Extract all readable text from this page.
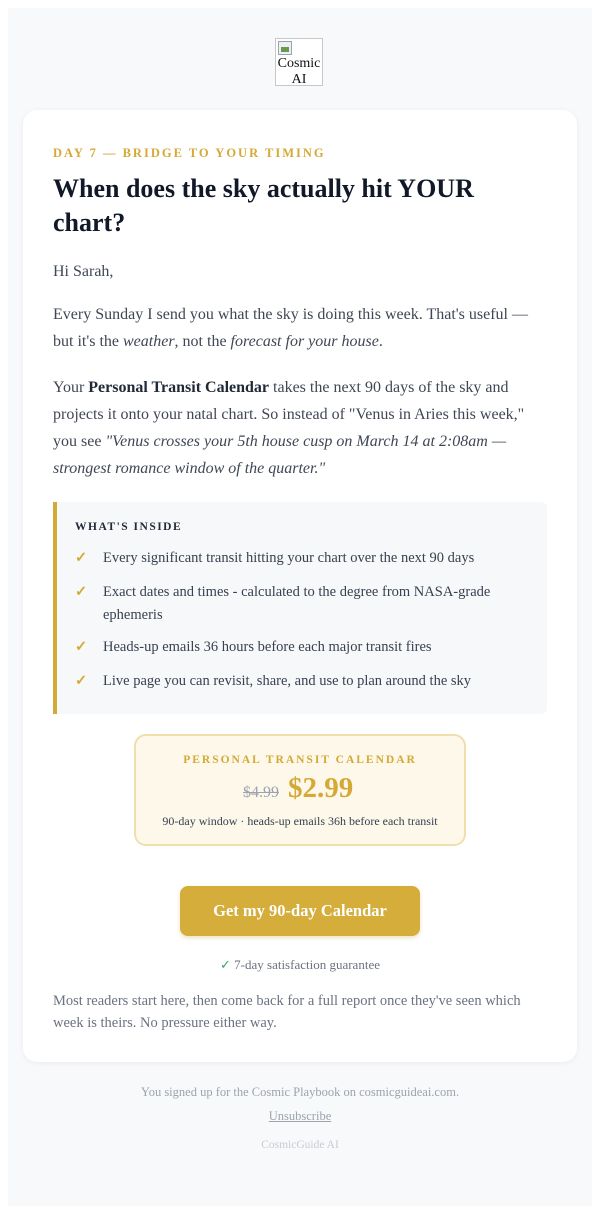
Cosmic AI
DAY 7 — BRIDGE TO YOUR TIMING
When does the sky actually hit YOUR chart?

Hi Sarah,

Every Sunday I send you what the sky is doing this week. That's useful — but it's the weather, not the forecast for your house.

Your Personal Transit Calendar takes the next 90 days of the sky and projects it onto your natal chart. So instead of "Venus in Aries this week," you see "Venus crosses your 5th house cusp on March 14 at 2:08am — strongest romance window of the quarter."

WHAT'S INSIDE
✓ Every significant transit hitting your chart over the next 90 days
✓ Exact dates and times - calculated to the degree from NASA-grade ephemeris
✓ Heads-up emails 36 hours before each major transit fires
✓ Live page you can revisit, share, and use to plan around the sky
PERSONAL TRANSIT CALENDAR
$4.99 $2.99
90-day window · heads-up emails 36h before each transit
Get my 90-day Calendar
✓ 7-day satisfaction guarantee

Most readers start here, then come back for a full report once they've seen which week is theirs. No pressure either way.

You signed up for the Cosmic Playbook on cosmicguideai.com.
Unsubscribe
CosmicGuide AI
